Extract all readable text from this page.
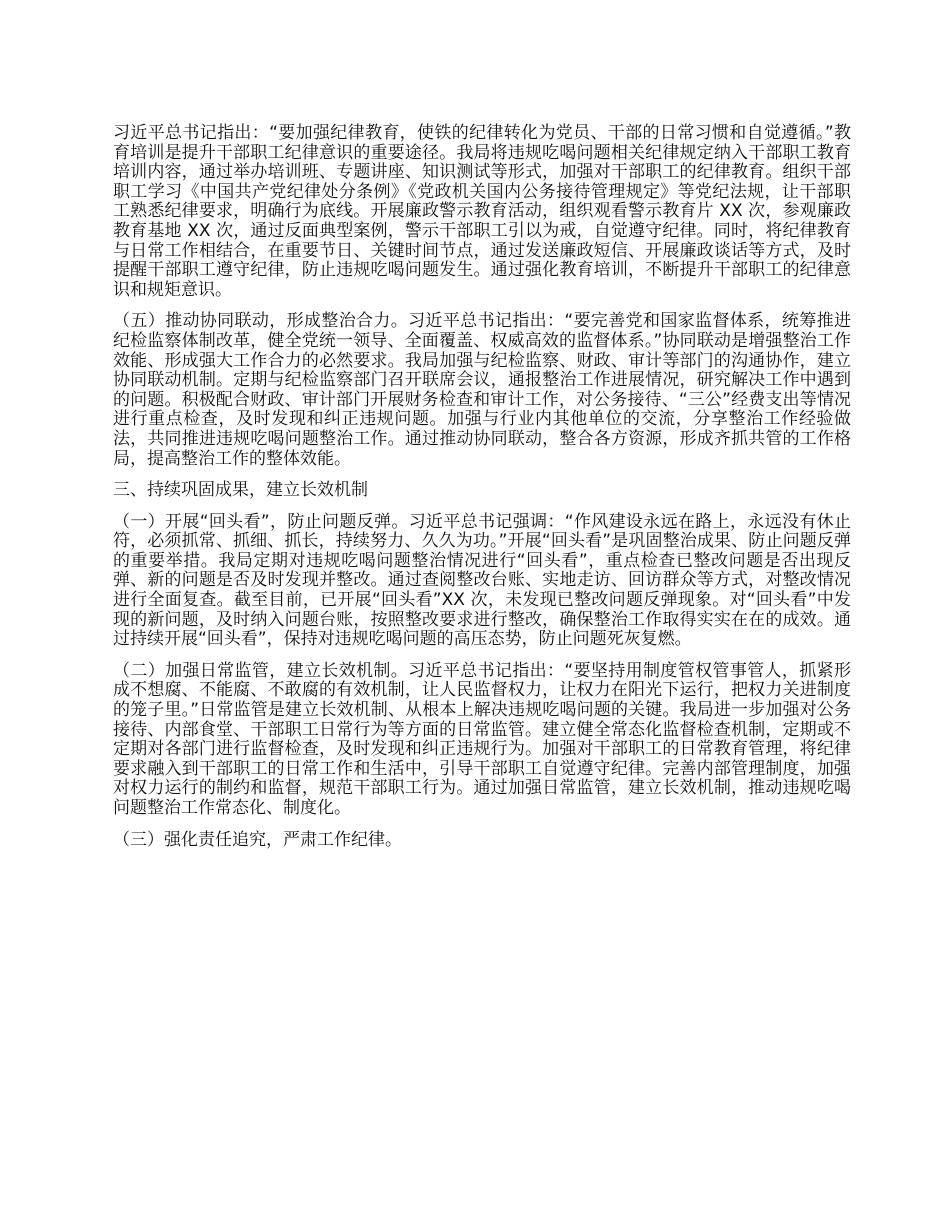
习近平总书记指出：“要加强纪律教育，使铁的纪律转化为党员、干部的日常习惯和自觉遵循。”教育培训是提升干部职工纪律意识的重要途径。我局将违规吃喝问题相关纪律规定纳入干部职工教育培训内容，通过举办培训班、专题讲座、知识测试等形式，加强对干部职工的纪律教育。组织干部职工学习《中国共产党纪律处分条例》《党政机关国内公务接待管理规定》等党纪法规，让干部职工熟悉纪律要求，明确行为底线。开展廉政警示教育活动，组织观看警示教育片 XX 次，参观廉政教育基地 XX 次，通过反面典型案例，警示干部职工引以为戒，自觉遵守纪律。同时，将纪律教育与日常工作相结合，在重要节日、关键时间节点，通过发送廉政短信、开展廉政谈话等方式，及时提醒干部职工遵守纪律，防止违规吃喝问题发生。通过强化教育培训，不断提升干部职工的纪律意识和规矩意识。

（五）推动协同联动，形成整治合力。习近平总书记指出：“要完善党和国家监督体系，统筹推进纪检监察体制改革，健全党统一领导、全面覆盖、权威高效的监督体系。”协同联动是增强整治工作效能、形成强大工作合力的必然要求。我局加强与纪检监察、财政、审计等部门的沟通协作，建立协同联动机制。定期与纪检监察部门召开联席会议，通报整治工作进展情况，研究解决工作中遇到的问题。积极配合财政、审计部门开展财务检查和审计工作，对公务接待、“三公”经费支出等情况进行重点检查，及时发现和纠正违规问题。加强与行业内其他单位的交流，分享整治工作经验做法，共同推进违规吃喝问题整治工作。通过推动协同联动，整合各方资源，形成齐抓共管的工作格局，提高整治工作的整体效能。

三、持续巩固成果，建立长效机制

（一）开展“回头看”，防止问题反弹。习近平总书记强调：“作风建设永远在路上，永远没有休止符，必须抓常、抓细、抓长，持续努力、久久为功。”开展“回头看”是巩固整治成果、防止问题反弹的重要举措。我局定期对违规吃喝问题整治情况进行“回头看”，重点检查已整改问题是否出现反弹、新的问题是否及时发现并整改。通过查阅整改台账、实地走访、回访群众等方式，对整改情况进行全面复查。截至目前，已开展“回头看”XX 次，未发现已整改问题反弹现象。对“回头看”中发现的新问题，及时纳入问题台账，按照整改要求进行整改，确保整治工作取得实实在在的成效。通过持续开展“回头看”，保持对违规吃喝问题的高压态势，防止问题死灰复燃。

（二）加强日常监管，建立长效机制。习近平总书记指出：“要坚持用制度管权管事管人，抓紧形成不想腐、不能腐、不敢腐的有效机制，让人民监督权力，让权力在阳光下运行，把权力关进制度的笼子里。”日常监管是建立长效机制、从根本上解决违规吃喝问题的关键。我局进一步加强对公务接待、内部食堂、干部职工日常行为等方面的日常监管。建立健全常态化监督检查机制，定期或不定期对各部门进行监督检查，及时发现和纠正违规行为。加强对干部职工的日常教育管理，将纪律要求融入到干部职工的日常工作和生活中，引导干部职工自觉遵守纪律。完善内部管理制度，加强对权力运行的制约和监督，规范干部职工行为。通过加强日常监管，建立长效机制，推动违规吃喝问题整治工作常态化、制度化。

（三）强化责任追究，严肃工作纪律。
